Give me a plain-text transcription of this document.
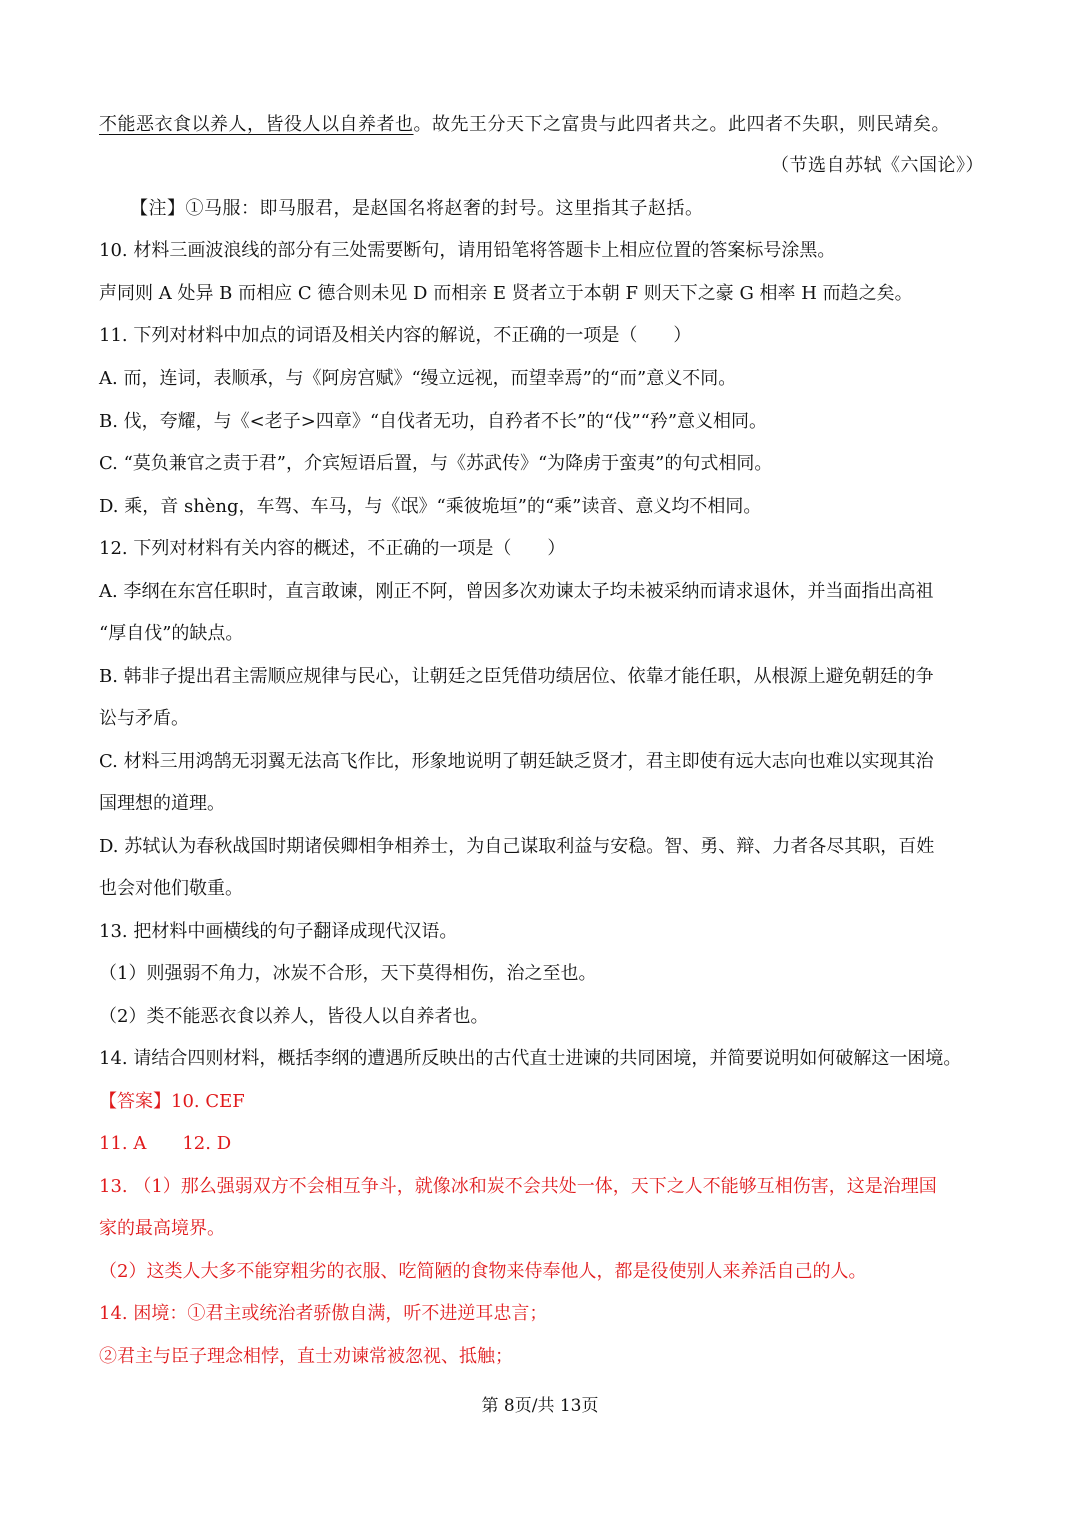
不能恶衣食以养人，皆役人以自养者也。故先王分天下之富贵与此四者共之。此四者不失职，则民靖矣。
（节选自苏轼《六国论》）
【注】①马服：即马服君，是赵国名将赵奢的封号。这里指其子赵括。
10. 材料三画波浪线的部分有三处需要断句，请用铅笔将答题卡上相应位置的答案标号涂黑。
声同则 A 处异 B 而相应 C 德合则未见 D 而相亲 E 贤者立于本朝 F 则天下之豪 G 相率 H 而趋之矣。
11. 下列对材料中加点的词语及相关内容的解说，不正确的一项是（　　）
A. 而，连词，表顺承，与《阿房宫赋》“缦立远视，而望幸焉”的“而”意义不同。
B. 伐，夸耀，与《<老子>四章》“自伐者无功，自矜者不长”的“伐”“矜”意义相同。
C. “莫负兼官之责于君”，介宾短语后置，与《苏武传》“为降虏于蛮夷”的句式相同。
D. 乘，音 shèng，车驾、车马，与《氓》“乘彼垝垣”的“乘”读音、意义均不相同。
12. 下列对材料有关内容的概述，不正确的一项是（　　）
A. 李纲在东宫任职时，直言敢谏，刚正不阿，曾因多次劝谏太子均未被采纳而请求退休，并当面指出高祖
“厚自伐”的缺点。
B. 韩非子提出君主需顺应规律与民心，让朝廷之臣凭借功绩居位、依靠才能任职，从根源上避免朝廷的争
讼与矛盾。
C. 材料三用鸿鹄无羽翼无法高飞作比，形象地说明了朝廷缺乏贤才，君主即使有远大志向也难以实现其治
国理想的道理。
D. 苏轼认为春秋战国时期诸侯卿相争相养士，为自己谋取利益与安稳。智、勇、辩、力者各尽其职，百姓
也会对他们敬重。
13. 把材料中画横线的句子翻译成现代汉语。
（1）则强弱不角力，冰炭不合形，天下莫得相伤，治之至也。
（2）类不能恶衣食以养人，皆役人以自养者也。
14. 请结合四则材料，概括李纲的遭遇所反映出的古代直士进谏的共同困境，并简要说明如何破解这一困境。
【答案】10. CEF
11. A　　12. D
13. （1）那么强弱双方不会相互争斗，就像冰和炭不会共处一体，天下之人不能够互相伤害，这是治理国
家的最高境界。
（2）这类人大多不能穿粗劣的衣服、吃简陋的食物来侍奉他人，都是役使别人来养活自己的人。
14. 困境：①君主或统治者骄傲自满，听不进逆耳忠言；
②君主与臣子理念相悖，直士劝谏常被忽视、抵触；
第 8页/共 13页
